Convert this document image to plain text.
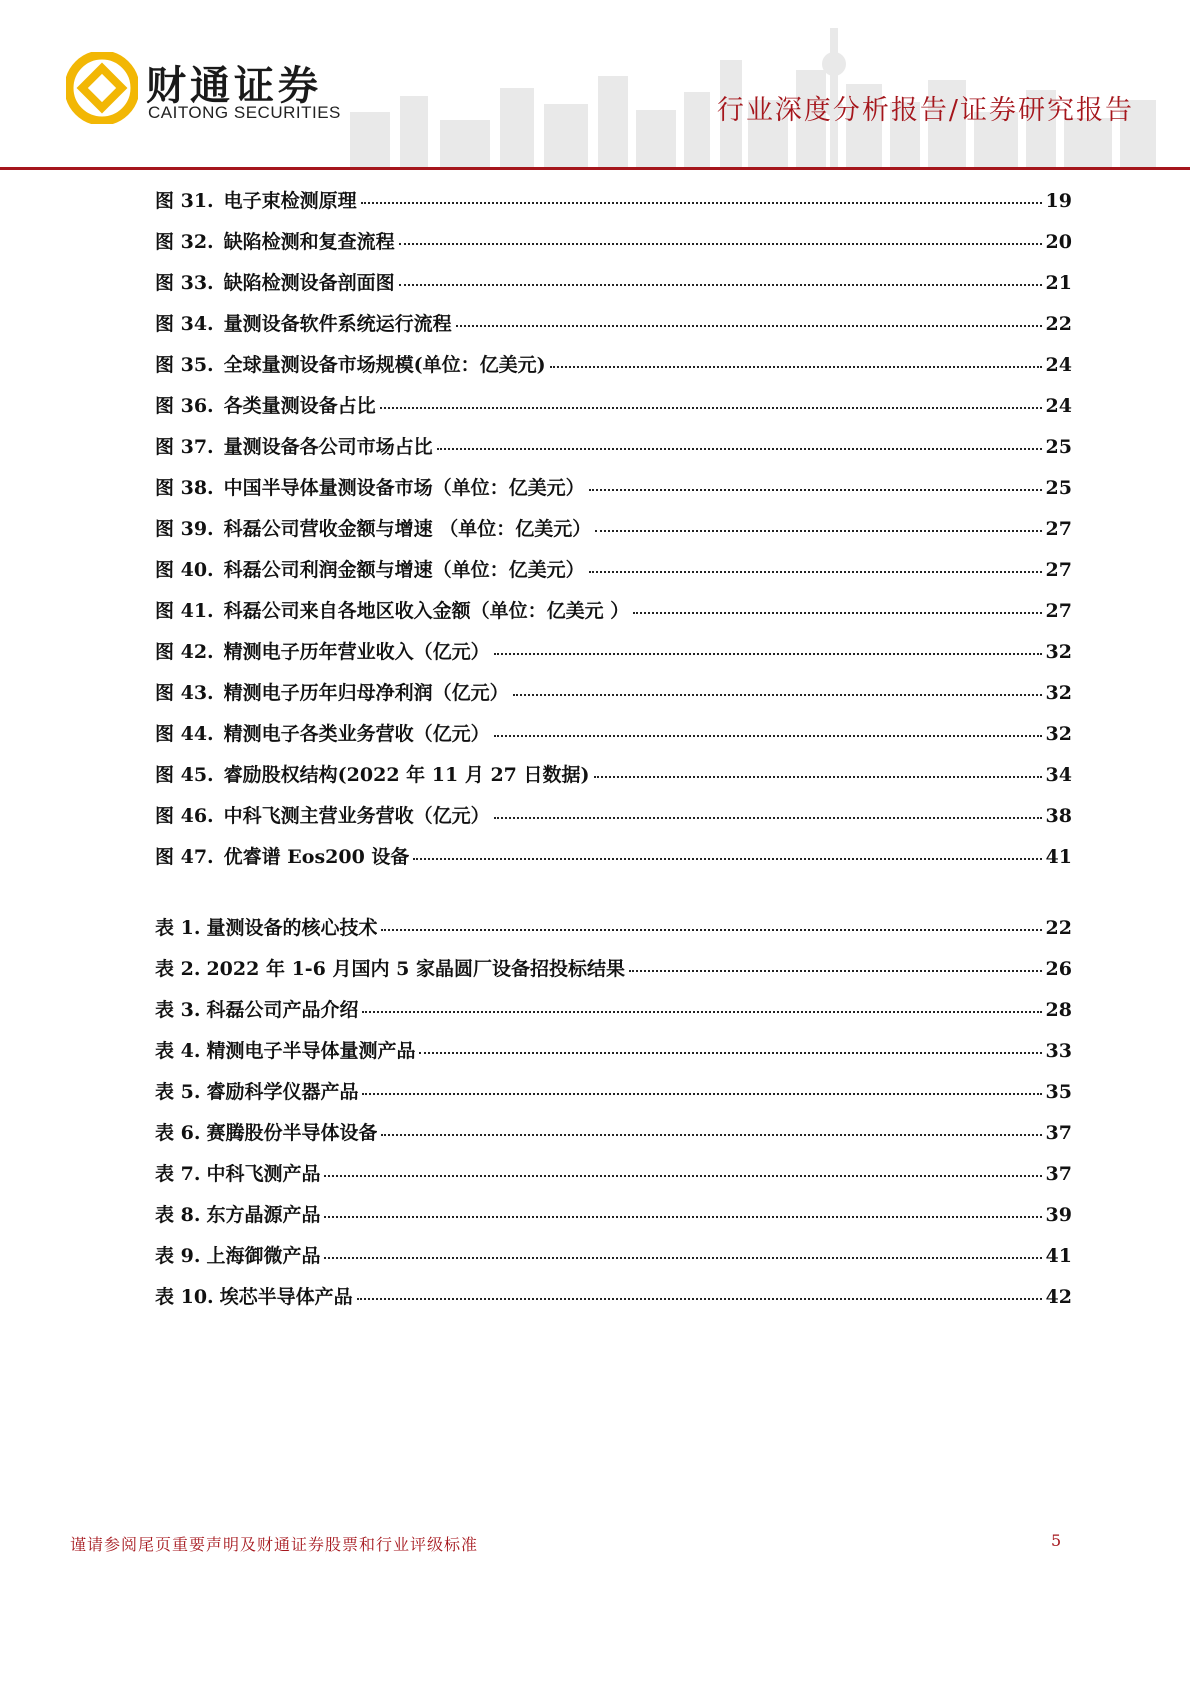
财通证券
CAITONG SECURITIES	行业深度分析报告/证券研究报告
图 31. 电子束检测原理	19
图 32. 缺陷检测和复查流程	20
图 33. 缺陷检测设备剖面图	21
图 34. 量测设备软件系统运行流程	22
图 35. 全球量测设备市场规模(单位：亿美元)	24
图 36. 各类量测设备占比	24
图 37. 量测设备各公司市场占比	25
图 38. 中国半导体量测设备市场（单位：亿美元）	25
图 39. 科磊公司营收金额与增速 （单位：亿美元）	27
图 40. 科磊公司利润金额与增速（单位：亿美元）	27
图 41. 科磊公司来自各地区收入金额（单位：亿美元 ）	27
图 42. 精测电子历年营业收入（亿元）	32
图 43. 精测电子历年归母净利润（亿元）	32
图 44. 精测电子各类业务营收（亿元）	32
图 45. 睿励股权结构(2022 年 11 月 27 日数据)	34
图 46. 中科飞测主营业务营收（亿元）	38
图 47. 优睿谱 Eos200 设备	41
表 1. 量测设备的核心技术	22
表 2. 2022 年 1-6 月国内 5 家晶圆厂设备招投标结果	26
表 3. 科磊公司产品介绍	28
表 4. 精测电子半导体量测产品	33
表 5. 睿励科学仪器产品	35
表 6. 赛腾股份半导体设备	37
表 7. 中科飞测产品	37
表 8. 东方晶源产品	39
表 9. 上海御微产品	41
表 10. 埃芯半导体产品	42
谨请参阅尾页重要声明及财通证券股票和行业评级标准	5
